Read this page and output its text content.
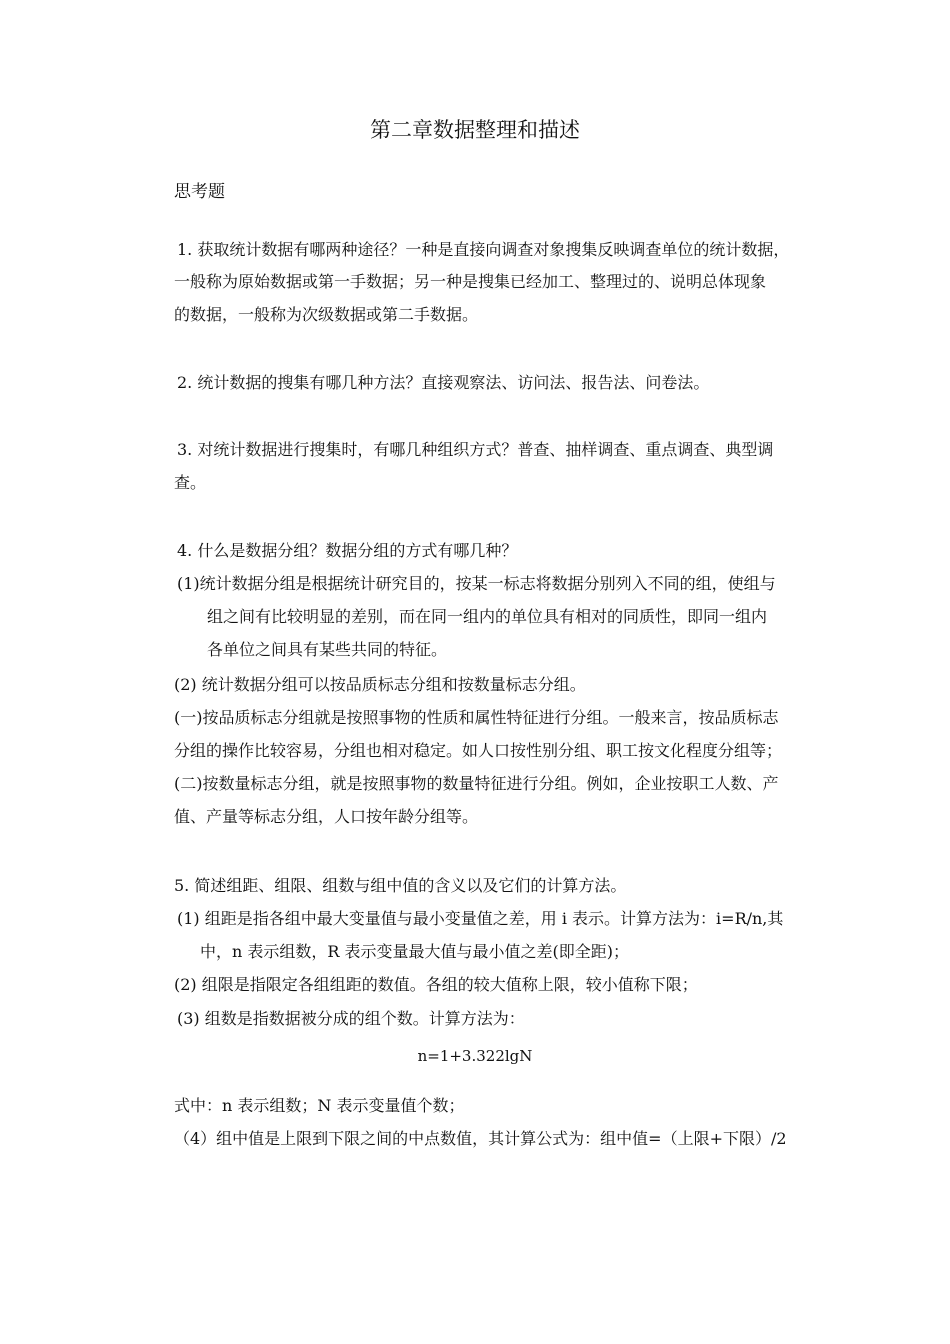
第二章数据整理和描述
思考题
1. 获取统计数据有哪两种途径？一种是直接向调查对象搜集反映调查单位的统计数据，
一般称为原始数据或第一手数据；另一种是搜集已经加工、整理过的、说明总体现象
的数据，一般称为次级数据或第二手数据。
2. 统计数据的搜集有哪几种方法？直接观察法、访问法、报告法、问卷法。
3. 对统计数据进行搜集时，有哪几种组织方式？普查、抽样调查、重点调查、典型调
查。
4. 什么是数据分组？数据分组的方式有哪几种？
(1)统计数据分组是根据统计研究目的，按某一标志将数据分别列入不同的组，使组与
组之间有比较明显的差别，而在同一组内的单位具有相对的同质性，即同一组内
各单位之间具有某些共同的特征。
(2) 统计数据分组可以按品质标志分组和按数量标志分组。
(一)按品质标志分组就是按照事物的性质和属性特征进行分组。一般来言，按品质标志
分组的操作比较容易，分组也相对稳定。如人口按性别分组、职工按文化程度分组等；
(二)按数量标志分组，就是按照事物的数量特征进行分组。例如，企业按职工人数、产
值、产量等标志分组，人口按年龄分组等。
5. 简述组距、组限、组数与组中值的含义以及它们的计算方法。
(1) 组距是指各组中最大变量值与最小变量值之差，用 i 表示。计算方法为：i=R/n,其
中，n 表示组数，R 表示变量最大值与最小值之差(即全距)；
(2) 组限是指限定各组组距的数值。各组的较大值称上限，较小值称下限；
(3) 组数是指数据被分成的组个数。计算方法为：
n=1+3.322lgN
式中：n 表示组数；N 表示变量值个数；
（4）组中值是上限到下限之间的中点数值，其计算公式为：组中值=（上限+下限）/2
